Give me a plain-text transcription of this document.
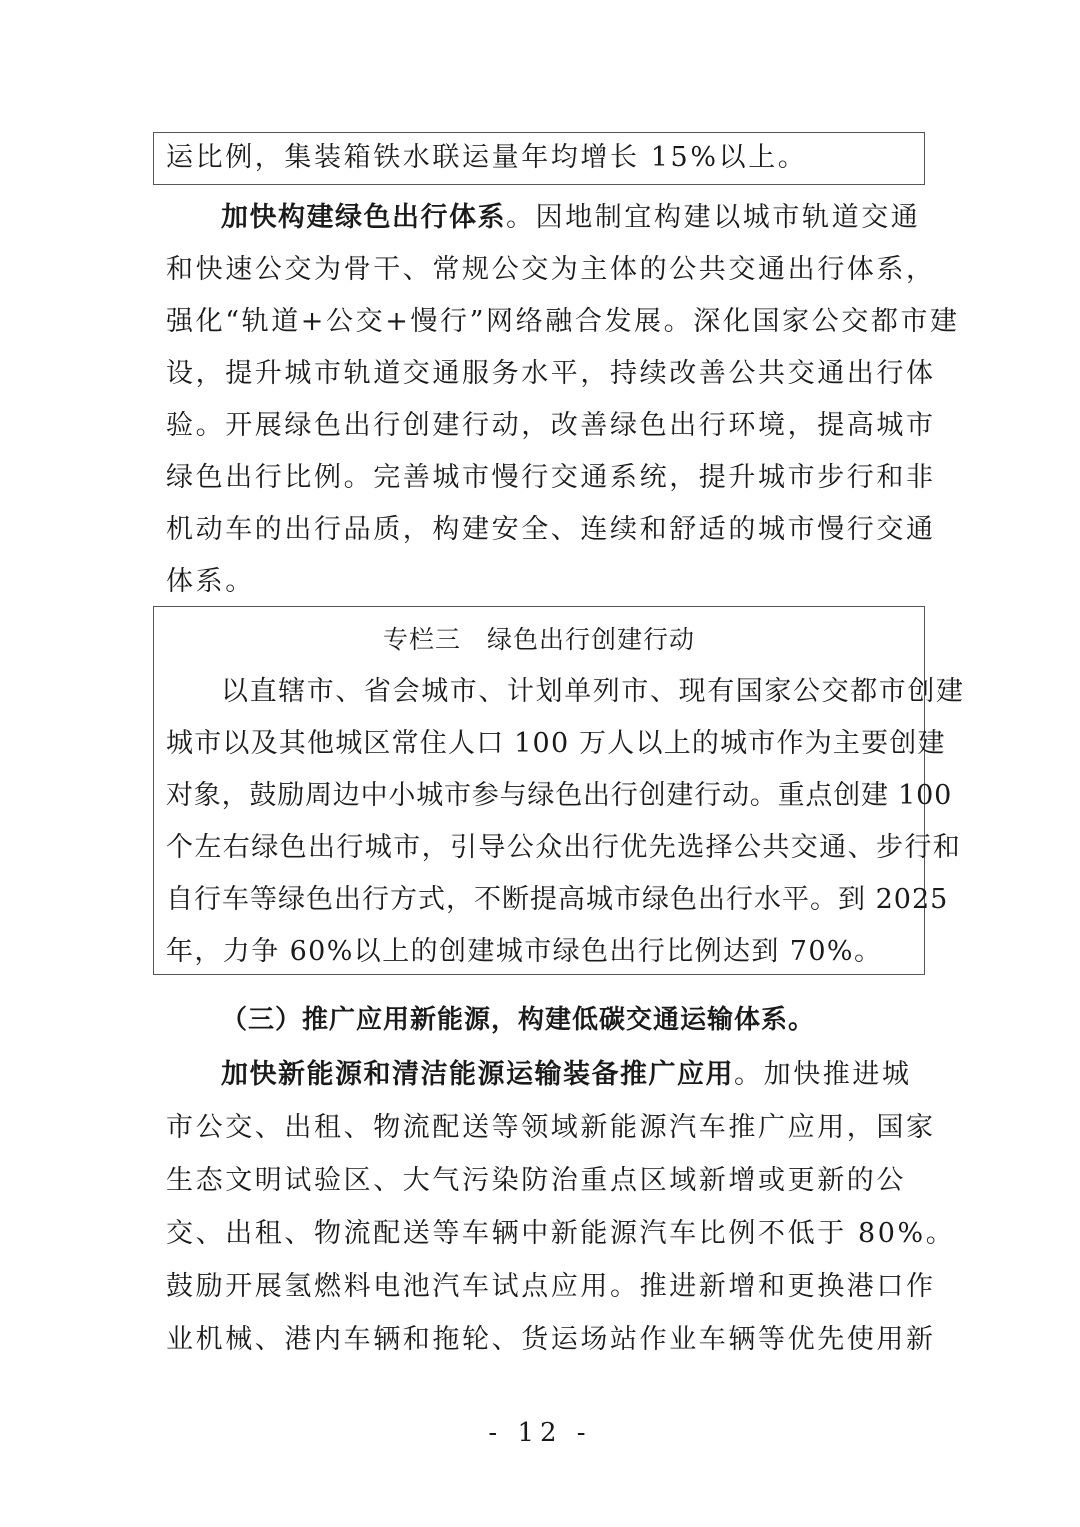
运比例，集装箱铁水联运量年均增长 15%以上。
加快构建绿色出行体系。因地制宜构建以城市轨道交通
和快速公交为骨干、常规公交为主体的公共交通出行体系，
强化“轨道+公交+慢行”网络融合发展。深化国家公交都市建
设，提升城市轨道交通服务水平，持续改善公共交通出行体
验。开展绿色出行创建行动，改善绿色出行环境，提高城市
绿色出行比例。完善城市慢行交通系统，提升城市步行和非
机动车的出行品质，构建安全、连续和舒适的城市慢行交通
体系。
专栏三　绿色出行创建行动
以直辖市、省会城市、计划单列市、现有国家公交都市创建
城市以及其他城区常住人口 100 万人以上的城市作为主要创建
对象，鼓励周边中小城市参与绿色出行创建行动。重点创建 100
个左右绿色出行城市，引导公众出行优先选择公共交通、步行和
自行车等绿色出行方式，不断提高城市绿色出行水平。到 2025
年，力争 60%以上的创建城市绿色出行比例达到 70%。
（三）推广应用新能源，构建低碳交通运输体系。
加快新能源和清洁能源运输装备推广应用。加快推进城
市公交、出租、物流配送等领域新能源汽车推广应用，国家
生态文明试验区、大气污染防治重点区域新增或更新的公
交、出租、物流配送等车辆中新能源汽车比例不低于 80%。
鼓励开展氢燃料电池汽车试点应用。推进新增和更换港口作
业机械、港内车辆和拖轮、货运场站作业车辆等优先使用新
- 12 -
